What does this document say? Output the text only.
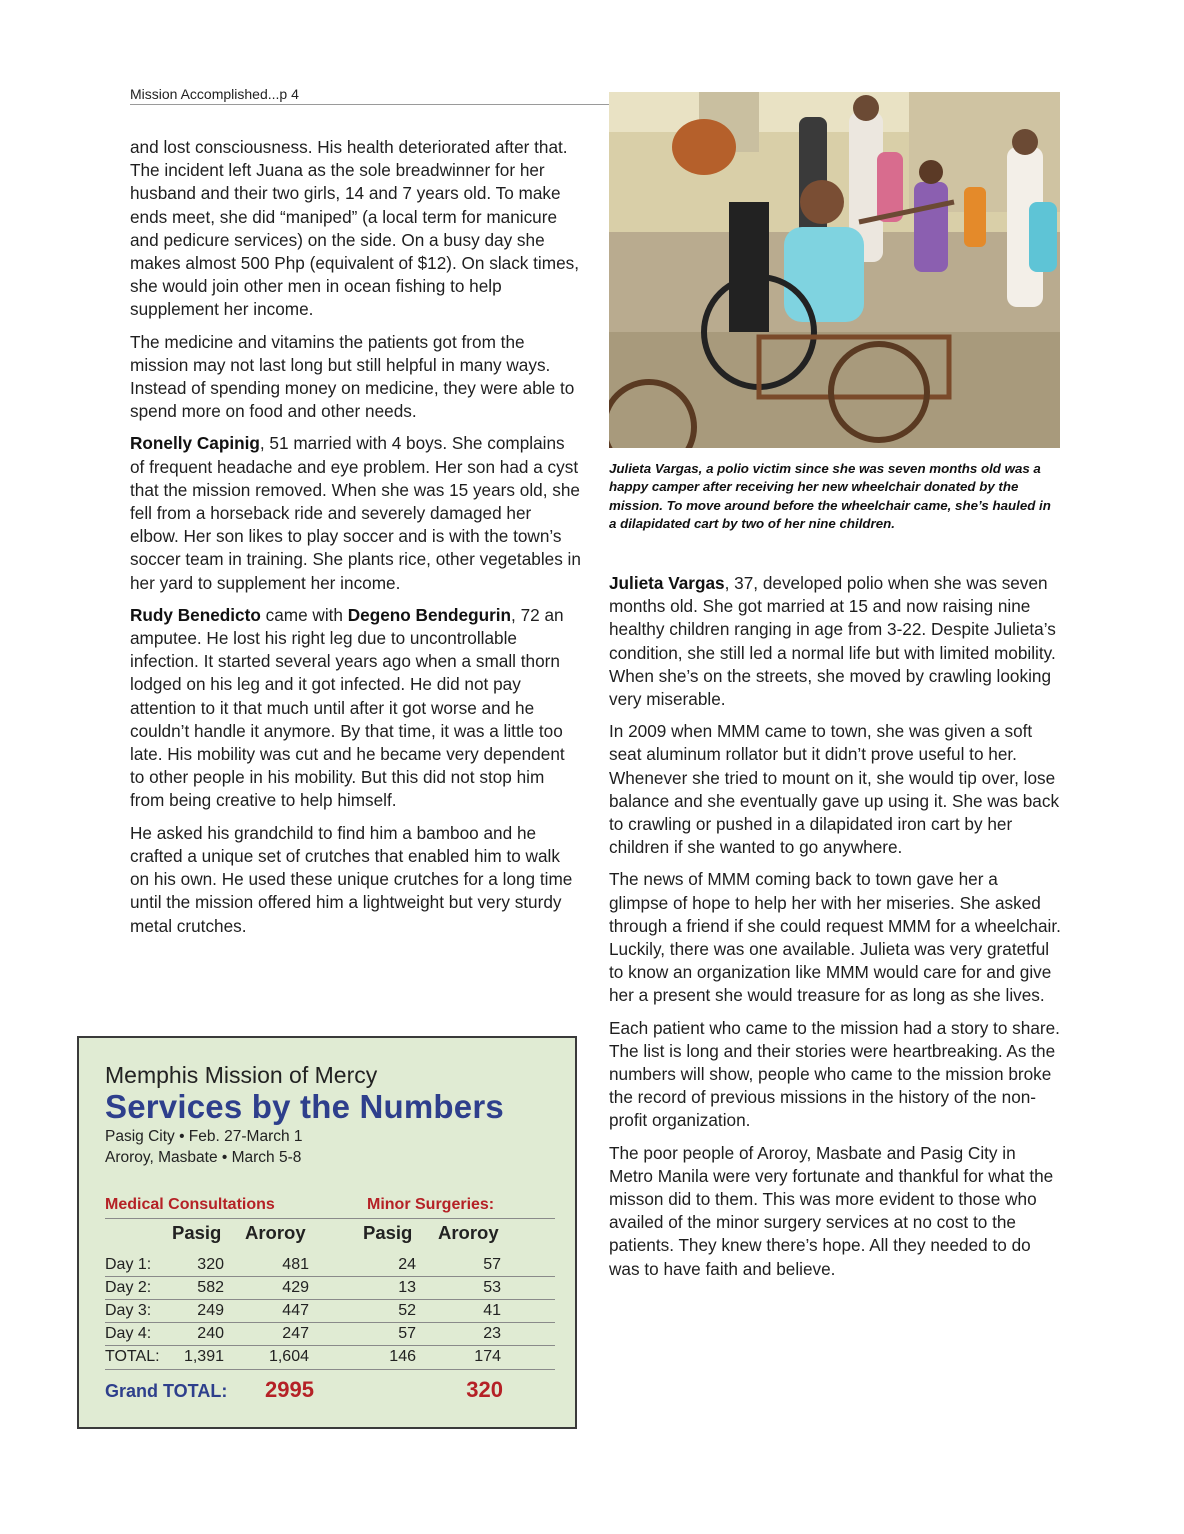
Mission Accomplished...p 4

and lost consciousness. His health deteriorated after that. The incident left Juana as the sole breadwinner for her husband and their two girls, 14 and 7 years old. To make ends meet, she did “maniped” (a local term for manicure and pedicure services) on the side. On a busy day she makes almost 500 Php (equivalent of $12). On slack times, she would join other men in ocean fishing to help supplement her income.

The medicine and vitamins the patients got from the mission may not last long but still helpful in many ways. Instead of spending money on medicine, they were able to spend more on food and other needs.

Ronelly Capinig, 51 married with 4 boys. She complains of frequent headache and eye problem. Her son had a cyst that the mission removed. When she was 15 years old, she fell from a horseback ride and severely damaged her elbow. Her son likes to play soccer and is with the town’s soccer team in training. She plants rice, other vegetables in her yard to supplement her income.

Rudy Benedicto came with Degeno Bendegurin, 72 an amputee. He lost his right leg due to uncontrollable infection. It started several years ago when a small thorn lodged on his leg and it got infected. He did not pay attention to it that much until after it got worse and he couldn’t handle it anymore. By that time, it was a little too late. His mobility was cut and he became very dependent to other people in his mobility. But this did not stop him from being creative to help himself.

He asked his grandchild to find him a bamboo and he crafted a unique set of crutches that enabled him to walk on his own. He used these unique crutches for a long time until the mission offered him a lightweight but very sturdy metal crutches.

Julieta Vargas, a polio victim since she was seven months old was a happy camper after receiving her new wheelchair donated by the mission. To move around before the wheelchair came, she’s hauled in a dilapidated cart by two of her nine children.

Julieta Vargas, 37, developed polio when she was seven months old. She got married at 15 and now raising nine healthy children ranging in age from 3-22. Despite Julieta’s condition, she still led a normal life but with limited mobility. When she’s on the streets, she moved by crawling looking very miserable.

In 2009 when MMM came to town, she was given a soft seat aluminum rollator but it didn’t prove useful to her. Whenever she tried to mount on it, she would tip over, lose balance and she eventually gave up using it. She was back to crawling or pushed in a dilapidated iron cart by her children if she wanted to go anywhere.

The news of MMM coming back to town gave her a glimpse of hope to help her with her miseries. She asked through a friend if she could request MMM for a wheelchair. Luckily, there was one available. Julieta was very gratetful to know an organization like MMM would care for and give her a present she would treasure for as long as she lives.

Each patient who came to the mission had a story to share. The list is long and their stories were heartbreaking. As the numbers will show, people who came to the mission broke the record of previous missions in the history of the non-profit organization.

The poor people of Aroroy, Masbate and Pasig City in Metro Manila were very fortunate and thankful for what the misson did to them. This was more evident to those who availed of the minor surgery services at no cost to the patients. They knew there’s hope. All they needed to do was to have faith and believe.

Memphis Mission of Mercy
Services by the Numbers
Pasig City • Feb. 27-March 1
Aroroy, Masbate • March 5-8
Medical Consultations	Minor Surgeries:
Pasig Aroroy	Pasig Aroroy
Day 1:	320	481	24	57
Day 2:	582	429	13	53
Day 3:	249	447	52	41
Day 4:	240	247	57	23
TOTAL:	1,391	1,604	146	174
Grand TOTAL:	2995	320
